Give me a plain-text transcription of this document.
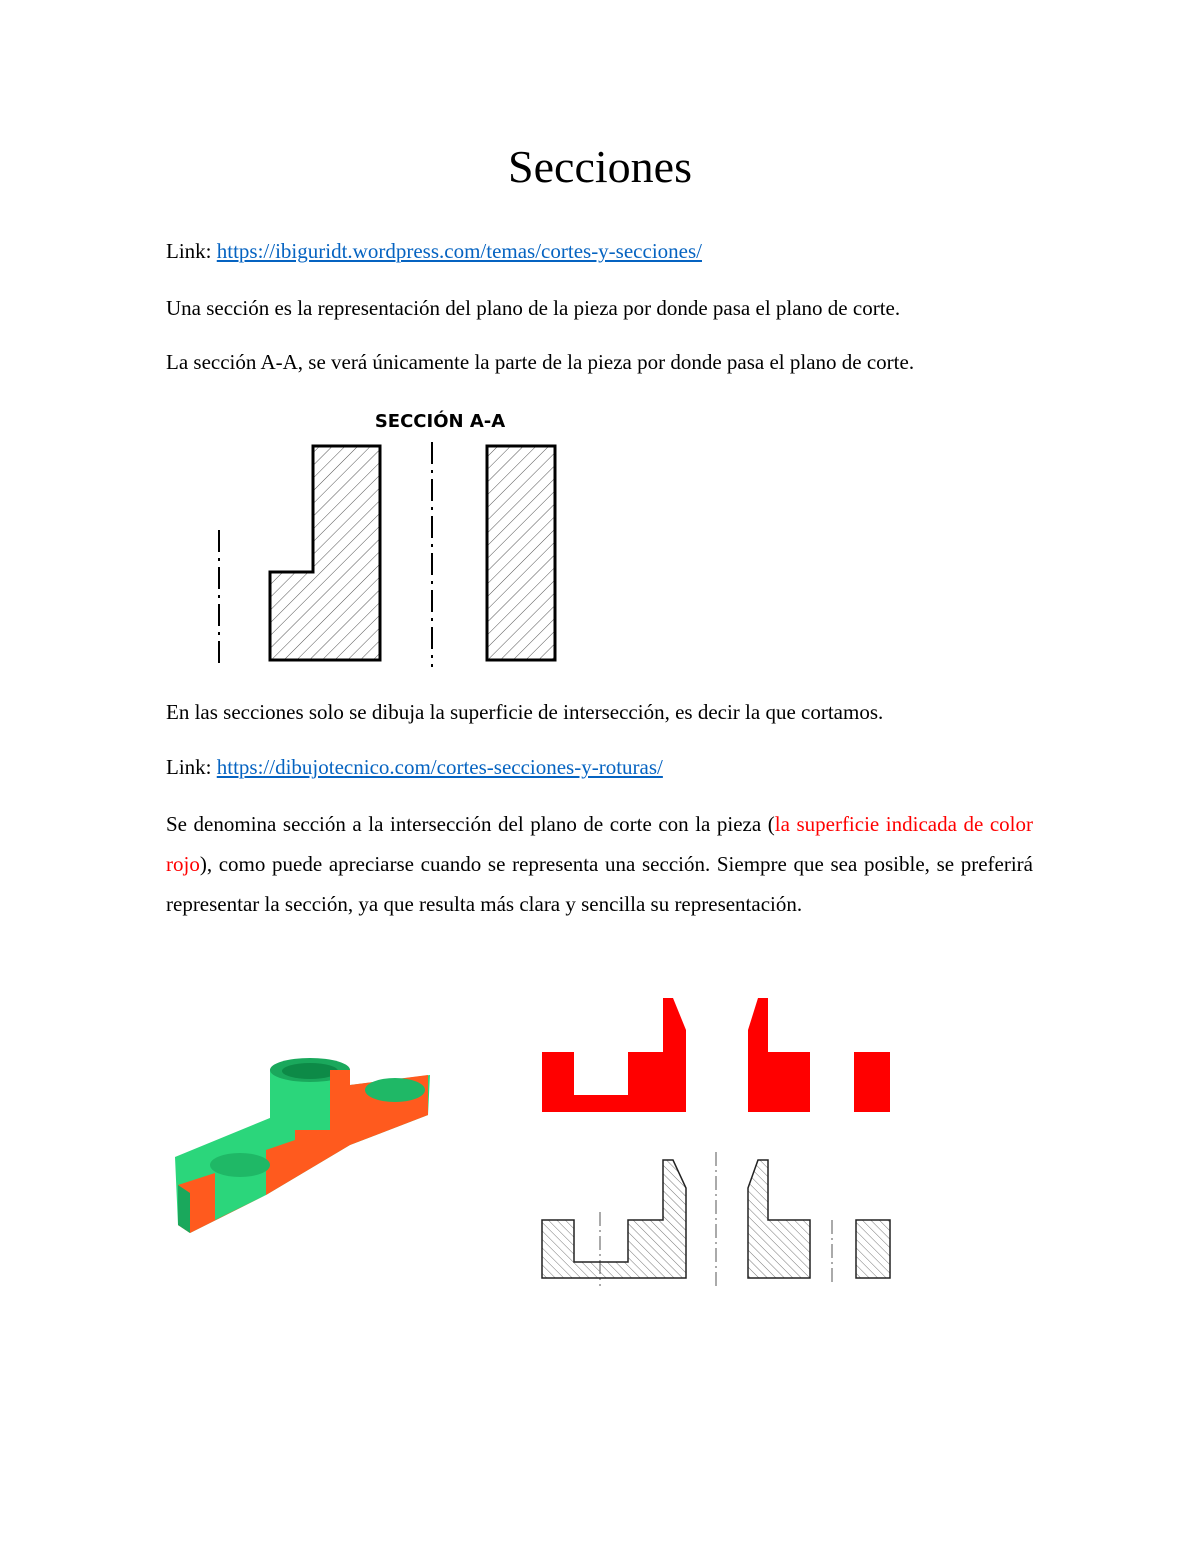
Secciones

Link: https://ibiguridt.wordpress.com/temas/cortes-y-secciones/

Una sección es la representación del plano de la pieza por donde pasa el plano de corte.

La sección A-A, se verá únicamente la parte de la pieza por donde pasa el plano de corte.

SECCIÓN A-A

En las secciones solo se dibuja la superficie de intersección, es decir la que cortamos.

Link: https://dibujotecnico.com/cortes-secciones-y-roturas/

Se denomina sección a la intersección del plano de corte con la pieza (la superficie indicada de color rojo), como puede apreciarse cuando se representa una sección. Siempre que sea posible, se preferirá representar la sección, ya que resulta más clara y sencilla su representación.
